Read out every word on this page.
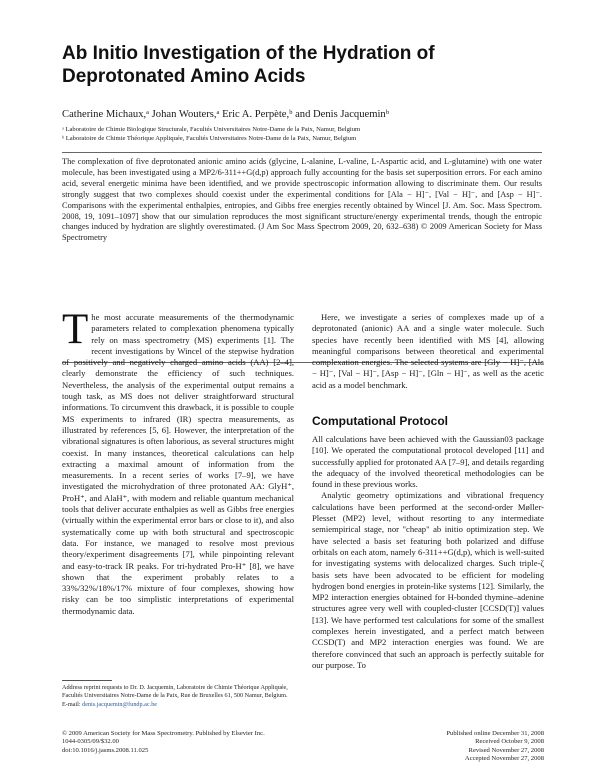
Ab Initio Investigation of the Hydration of Deprotonated Amino Acids
Catherine Michaux,ᵃ Johan Wouters,ᵃ Eric A. Perpète,ᵇ and Denis Jacqueminᵇ
ᵃ Laboratoire de Chimie Biologique Structurale, Facultés Universitaires Notre-Dame de la Paix, Namur, Belgium
ᵇ Laboratoire de Chimie Théorique Appliquée, Facultés Universitaires Notre-Dame de la Paix, Namur, Belgium
The complexation of five deprotonated anionic amino acids (glycine, L-alanine, L-valine, L-Aspartic acid, and L-glutamine) with one water molecule, has been investigated using a MP2/6-311++G(d,p) approach fully accounting for the basis set superposition errors. For each amino acid, several energetic minima have been identified, and we provide spectroscopic information allowing to discriminate them. Our results strongly suggest that two complexes should coexist under the experimental conditions for [Ala − H]⁻, [Val − H]⁻, and [Asp − H]⁻. Comparisons with the experimental enthalpies, entropies, and Gibbs free energies recently obtained by Wincel [J. Am. Soc. Mass Spectrom. 2008, 19, 1091–1097] show that our simulation reproduces the most significant structure/energy experimental trends, though the entropic changes induced by hydration are slightly overestimated. (J Am Soc Mass Spectrom 2009, 20, 632–638) © 2009 American Society for Mass Spectrometry
The most accurate measurements of the thermodynamic parameters related to complexation phenomena typically rely on mass spectrometry (MS) experiments [1]. The recent investigations by Wincel of the stepwise hydration of positively and negatively charged amino acids (AA) [2–4], clearly demonstrate the efficiency of such techniques. Nevertheless, the analysis of the experimental output remains a tough task, as MS does not deliver straightforward structural informations. To circumvent this drawback, it is possible to couple MS experiments to infrared (IR) spectra measurements, as illustrated by references [5, 6]. However, the interpretation of the vibrational signatures is often laborious, as several structures might coexist. In many instances, theoretical calculations can help extracting a maximal amount of information from the measurements. In a recent series of works [7–9], we have investigated the microhydration of three protonated AA: GlyH⁺, ProH⁺, and AlaH⁺, with modern and reliable quantum mechanical tools that deliver accurate enthalpies as well as Gibbs free energies (virtually within the experimental error bars or close to it), and also systematically come up with both structural and spectroscopic data. For instance, we managed to resolve most previous theory/experiment disagreements [7], while pinpointing relevant and easy-to-track IR peaks. For tri-hydrated Pro-H⁺ [8], we have shown that the experiment probably relates to a 33%/32%/18%/17% mixture of four complexes, showing how risky can be too simplistic interpretations of experimental thermodynamic data.

Here, we investigate a series of complexes made up of a deprotonated (anionic) AA and a single water molecule. Such species have recently been identified with MS [4], allowing meaningful comparisons between theoretical and experimental complexation energies. The selected systems are [Gly − H]⁻, [Ala − H]⁻, [Val − H]⁻, [Asp − H]⁻, [Gln − H]⁻, as well as the acetic acid as a model benchmark.

Computational Protocol

All calculations have been achieved with the Gaussian03 package [10]. We operated the computational protocol developed [11] and successfully applied for protonated AA [7–9], and details regarding the adequacy of the involved theoretical methodologies can be found in these previous works.

Analytic geometry optimizations and vibrational frequency calculations have been performed at the second-order Møller-Plesset (MP2) level, without resorting to any intermediate semiempirical stage, nor "cheap" ab initio optimization step. We have selected a basis set featuring both polarized and diffuse orbitals on each atom, namely 6-311++G(d,p), which is well-suited for investigating systems with delocalized charges. Such triple-ζ basis sets have been advocated to be efficient for modeling hydrogen bond energies in protein-like systems [12]. Similarly, the MP2 interaction energies obtained for H-bonded thymine–adenine structures agree very well with coupled-cluster [CCSD(T)] values [13]. We have performed test calculations for some of the smallest complexes herein investigated, and a perfect match between CCSD(T) and MP2 interaction energies was found. We are therefore convinced that such an approach is perfectly suitable for our purpose. To

Address reprint requests to Dr. D. Jacquemin, Laboratoire de Chimie Théorique Appliquée, Facultés Universitaires Notre-Dame de la Paix, Rue de Bruxelles 61, 500 Namur, Belgium. E-mail: denis.jacquemin@fundp.ac.be
© 2009 American Society for Mass Spectrometry. Published by Elsevier Inc.
1044-0305/09/$32.00
doi:10.1016/j.jasms.2008.11.025
Published online December 31, 2008
Received October 9, 2008
Revised November 27, 2008
Accepted November 27, 2008
